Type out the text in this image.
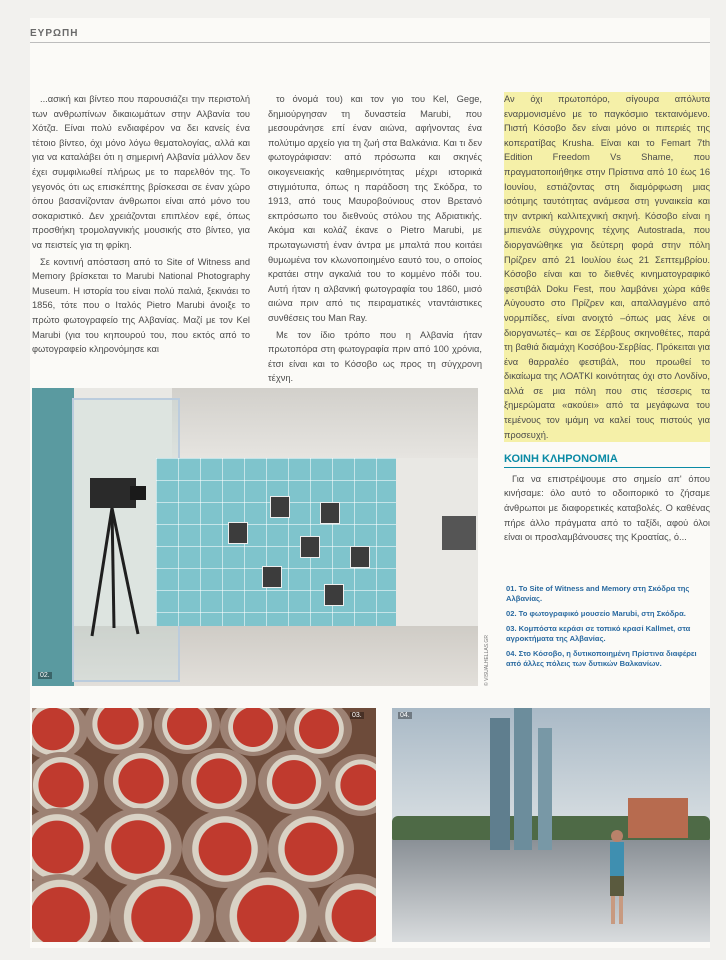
ΕΥΡΩΠΗ

...ασική και βίντεο που παρουσιάζει την περιστολή των ανθρωπίνων δικαιωμάτων στην Αλβανία του Χότζα. Είναι πολύ ενδιαφέρον να δει κανείς ένα τέτοιο βίντεο, όχι μόνο λόγω θεματολογίας, αλλά και για να καταλάβει ότι η σημερινή Αλβανία μάλλον δεν έχει συμφιλιωθεί πλήρως με το παρελθόν της. Το γεγονός ότι ως επισκέπτης βρίσκεσαι σε έναν χώρο όπου βασανίζονταν άνθρωποι είναι από μόνο του σοκαριστικό. Δεν χρειάζονται επιπλέον εφέ, όπως προσθήκη τρομολαγνικής μουσικής στο βίντεο, για να πειστείς για τη φρίκη.

Σε κοντινή απόσταση από το Site of Witness and Memory βρίσκεται το Marubi National Photography Museum. Η ιστορία του είναι πολύ παλιά, ξεκινάει το 1856, τότε που ο Ιταλός Pietro Marubi άνοιξε το πρώτο φωτογραφείο της Αλβανίας. Μαζί με τον Kel Marubi (για του κηπουρού του, που εκτός από το φωτογραφείο κληρονόμησε και

το όνομά του) και τον γιο του Kel, Gege, δημιούργησαν τη δυναστεία Marubi, που μεσουράνησε επί έναν αιώνα, αφήνοντας ένα πολύτιμο αρχείο για τη ζωή στα Βαλκάνια. Και τι δεν φωτογράφισαν: από πρόσωπα και σκηνές οικογενειακής καθημερινότητας μέχρι ιστορικά στιγμιότυπα, όπως η παράδοση της Σκόδρα, το 1913, από τους Μαυροβούνιους στον Βρετανό εκπρόσωπο του διεθνούς στόλου της Αδριατικής. Ακόμα και κολάζ έκανε ο Pietro Marubi, με πρωταγωνιστή έναν άντρα με μπαλτά που κοιτάει θυμωμένα τον κλωνοποιημένο εαυτό του, ο οποίος κρατάει στην αγκαλιά του το κομμένο πόδι του. Αυτή ήταν η αλβανική φωτογραφία του 1860, μισό αιώνα πριν από τις πειραματικές νταντάιστικες συνθέσεις του Man Ray.

Με τον ίδιο τρόπο που η Αλβανία ήταν πρωτοπόρα στη φωτογραφία πριν από 100 χρόνια, έτσι είναι και το Κόσοβο ως προς τη σύγχρονη τέχνη.

Αν όχι πρωτοπόρο, σίγουρα απόλυτα εναρμονισμένο με το παγκόσμιο τεκταινόμενο. Πιστή Κόσοβο δεν είναι μόνο οι πιπεριές της κοπερατίβας Krusha. Είναι και το Femart 7th Edition Freedom Vs Shame, που πραγματοποιήθηκε στην Πρίστινα από 10 έως 16 Ιουνίου, εστιάζοντας στη διαμόρφωση μιας ισότιμης ταυτότητας ανάμεσα στη γυναικεία και την αντρική καλλιτεχνική σκηνή. Κόσοβο είναι η μπιενάλε σύγχρονης τέχνης Autostrada, που διοργανώθηκε για δεύτερη φορά στην πόλη Πρίζρεν από 21 Ιουλίου έως 21 Σεπτεμβρίου. Κόσοβο είναι και το διεθνές κινηματογραφικό φεστιβάλ Doku Fest, που λαμβάνει χώρα κάθε Αύγουστο στο Πρίζρεν και, απαλλαγμένο από νορμπίδες, είναι ανοιχτό –όπως μας λένε οι διοργανωτές– και σε Σέρβους σκηνοθέτες, παρά τη βαθιά διαμάχη Κοσόβου-Σερβίας. Πρόκειται για ένα θαρραλέο φεστιβάλ, που προωθεί το δικαίωμα της ΛΟΑΤΚΙ κοινότητας όχι στο Λονδίνο, αλλά σε μια πόλη που στις τέσσερις τα ξημερώματα «ακούει» από τα μεγάφωνα του τεμένους τον ιμάμη να καλεί τους πιστούς για προσευχή.

ΚΟΙΝΗ ΚΛΗΡΟΝΟΜΙΑ

Για να επιστρέψουμε στο σημείο απ' όπου κινήσαμε: όλο αυτό το οδοιπορικό το ζήσαμε άνθρωποι με διαφορετικές καταβολές. Ο καθένας πήρε άλλο πράγματα από το ταξίδι, αφού όλοι είναι οι προσλαμβάνουσες της Κροατίας, ό...

02.	© VISUALHELLAS.GR
01. Το Site of Witness and Memory στη Σκόδρα της Αλβανίας.
02. Το φωτογραφικό μουσείο Marubi, στη Σκόδρα.
03. Κομπόστα κεράσι σε τοπικό κρασί Kallmet, στα αγροκτήματα της Αλβανίας.
04. Στο Κόσοβο, η δυτικοποιημένη Πρίστινα διαφέρει από άλλες πόλεις των δυτικών Βαλκανίων.
03.	04.
